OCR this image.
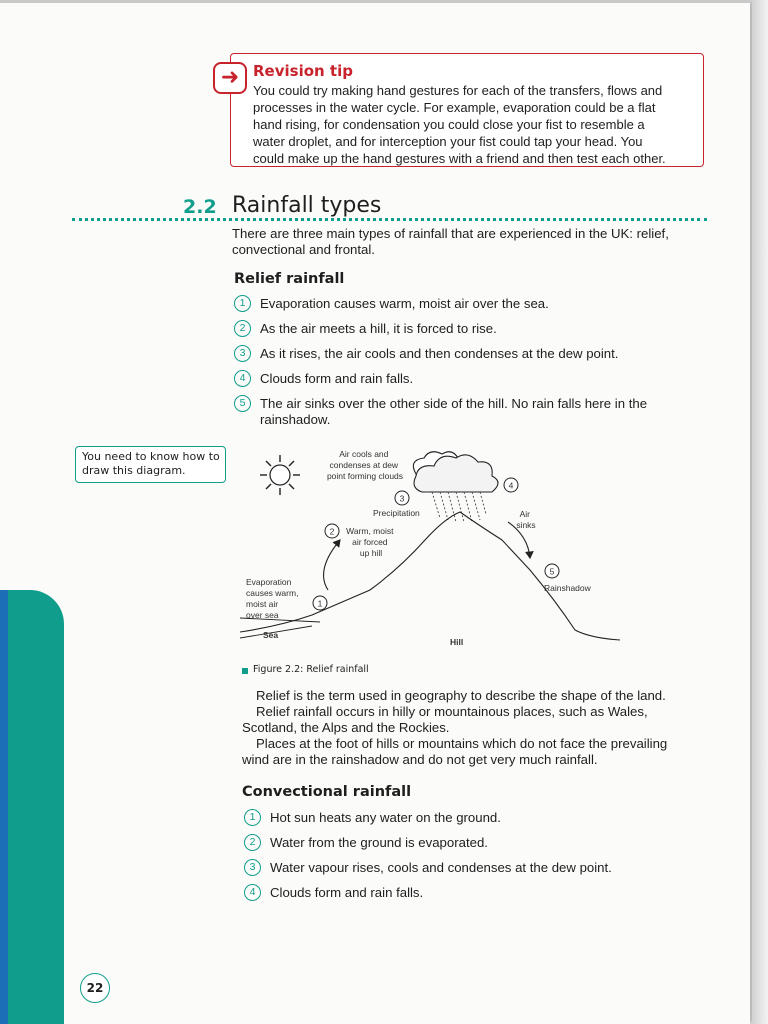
➜ Revision tip
You could try making hand gestures for each of the transfers, flows and
processes in the water cycle. For example, evaporation could be a flat
hand rising, for condensation you could close your fist to resemble a
water droplet, and for interception your fist could tap your head. You
could make up the hand gestures with a friend and then test each other.
2.2 Rainfall types
There are three main types of rainfall that are experienced in the UK: relief, convectional and frontal.
Relief rainfall
1	Evaporation causes warm, moist air over the sea.
2	As the air meets a hill, it is forced to rise.
3	As it rises, the air cools and then condenses at the dew point.
4	Clouds form and rain falls.
5	The air sinks over the other side of the hill. No rain falls here in the rainshadow.
You need to know how to draw this diagram.
1
2
3
4
5
Air cools and condenses at dew point forming clouds
Precipitation
Warm, moist air forced up hill
Evaporation causes warm, moist air over sea
Air sinks
Rainshadow
Sea
Hill
Figure 2.2: Relief rainfall
Relief is the term used in geography to describe the shape of the land.
Relief rainfall occurs in hilly or mountainous places, such as Wales, Scotland, the Alps and the Rockies.
Places at the foot of hills or mountains which do not face the prevailing wind are in the rainshadow and do not get very much rainfall.
Convectional rainfall
1	Hot sun heats any water on the ground.
2	Water from the ground is evaporated.
3	Water vapour rises, cools and condenses at the dew point.
4	Clouds form and rain falls.
22
